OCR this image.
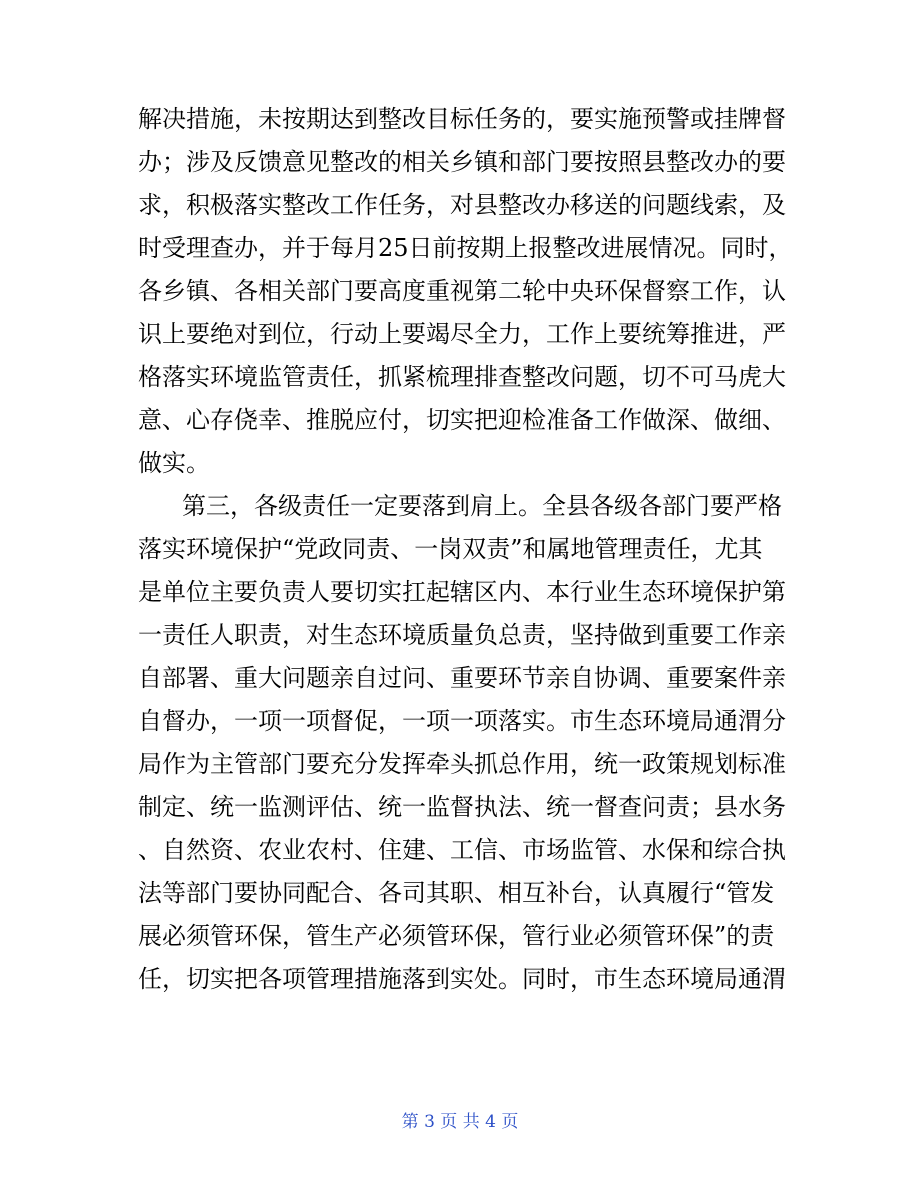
解决措施，未按期达到整改目标任务的，要实施预警或挂牌督
办；涉及反馈意见整改的相关乡镇和部门要按照县整改办的要
求，积极落实整改工作任务，对县整改办移送的问题线索，及
时受理查办，并于每月25日前按期上报整改进展情况。同时，
各乡镇、各相关部门要高度重视第二轮中央环保督察工作，认
识上要绝对到位，行动上要竭尽全力，工作上要统筹推进，严
格落实环境监管责任，抓紧梳理排查整改问题，切不可马虎大
意、心存侥幸、推脱应付，切实把迎检准备工作做深、做细、
做实。
第三，各级责任一定要落到肩上。全县各级各部门要严格
落实环境保护“党政同责、一岗双责”和属地管理责任，尤其
是单位主要负责人要切实扛起辖区内、本行业生态环境保护第
一责任人职责，对生态环境质量负总责，坚持做到重要工作亲
自部署、重大问题亲自过问、重要环节亲自协调、重要案件亲
自督办，一项一项督促，一项一项落实。市生态环境局通渭分
局作为主管部门要充分发挥牵头抓总作用，统一政策规划标准
制定、统一监测评估、统一监督执法、统一督查问责；县水务
、自然资、农业农村、住建、工信、市场监管、水保和综合执
法等部门要协同配合、各司其职、相互补台，认真履行“管发
展必须管环保，管生产必须管环保，管行业必须管环保”的责
任，切实把各项管理措施落到实处。同时，市生态环境局通渭
第 3 页 共 4 页
